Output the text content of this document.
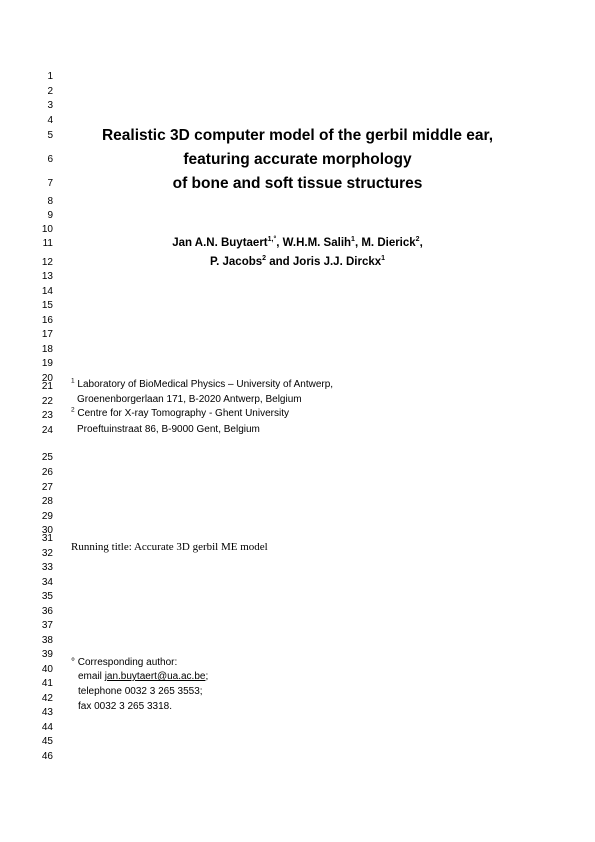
1
2
3
4
5
6
7
8
9
10
11
12
13
14
15
16
17
18
19
20
21
22
23
24
25
26
27
28
29
30
31
32
33
34
35
36
37
38
39
40
41
42
43
44
45
46
Realistic 3D computer model of the gerbil middle ear,
featuring accurate morphology
of bone and soft tissue structures
Jan A.N. Buytaert$^{1,^\circ}$, W.H.M. Salih$^1$, M. Dierick$^2$,
P. Jacobs$^2$ and Joris J.J. Dirckx$^1$
$^1$ Laboratory of BioMedical Physics – University of Antwerp,
Groenenborgerlaan 171, B-2020 Antwerp, Belgium
$^2$ Centre for X-ray Tomography - Ghent University
Proeftuinstraat 86, B-9000 Gent, Belgium
Running title: Accurate 3D gerbil ME model
° Corresponding author:
email jan.buytaert@ua.ac.be;
telephone 0032 3 265 3553;
fax 0032 3 265 3318.
